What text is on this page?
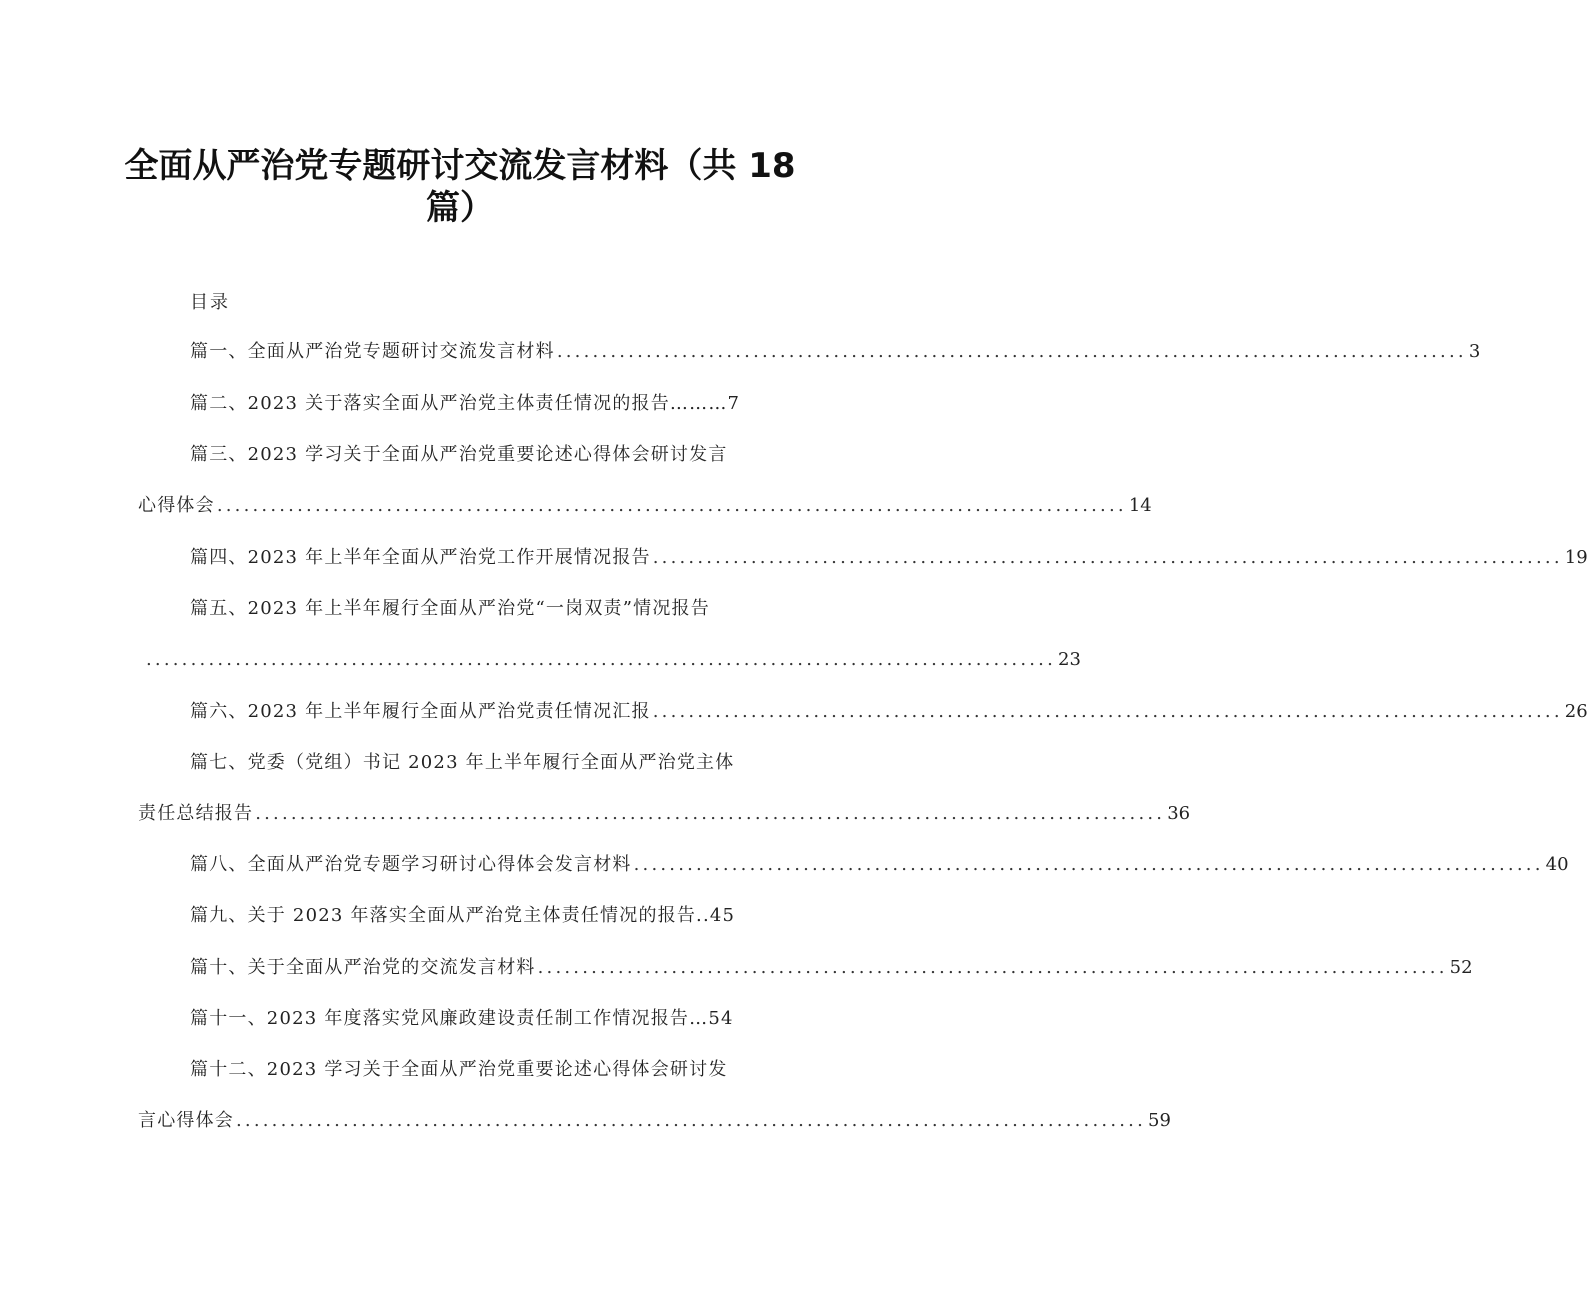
全面从严治党专题研讨交流发言材料（共 18
篇）
目录
篇一、全面从严治党专题研讨交流发言材料 ...................................................................................................... 3
篇二、2023 关于落实全面从严治党主体责任情况的报告………7
篇三、2023 学习关于全面从严治党重要论述心得体会研讨发言
心得体会 ...................................................................................................... 14
篇四、2023 年上半年全面从严治党工作开展情况报告 ...................................................................................................... 19
篇五、2023 年上半年履行全面从严治党“一岗双责”情况报告
...................................................................................................... 23
篇六、2023 年上半年履行全面从严治党责任情况汇报 ...................................................................................................... 26
篇七、党委（党组）书记 2023 年上半年履行全面从严治党主体
责任总结报告 ...................................................................................................... 36
篇八、全面从严治党专题学习研讨心得体会发言材料 ...................................................................................................... 40
篇九、关于 2023 年落实全面从严治党主体责任情况的报告..45
篇十、关于全面从严治党的交流发言材料 ...................................................................................................... 52
篇十一、2023 年度落实党风廉政建设责任制工作情况报告…54
篇十二、2023 学习关于全面从严治党重要论述心得体会研讨发
言心得体会 ...................................................................................................... 59
